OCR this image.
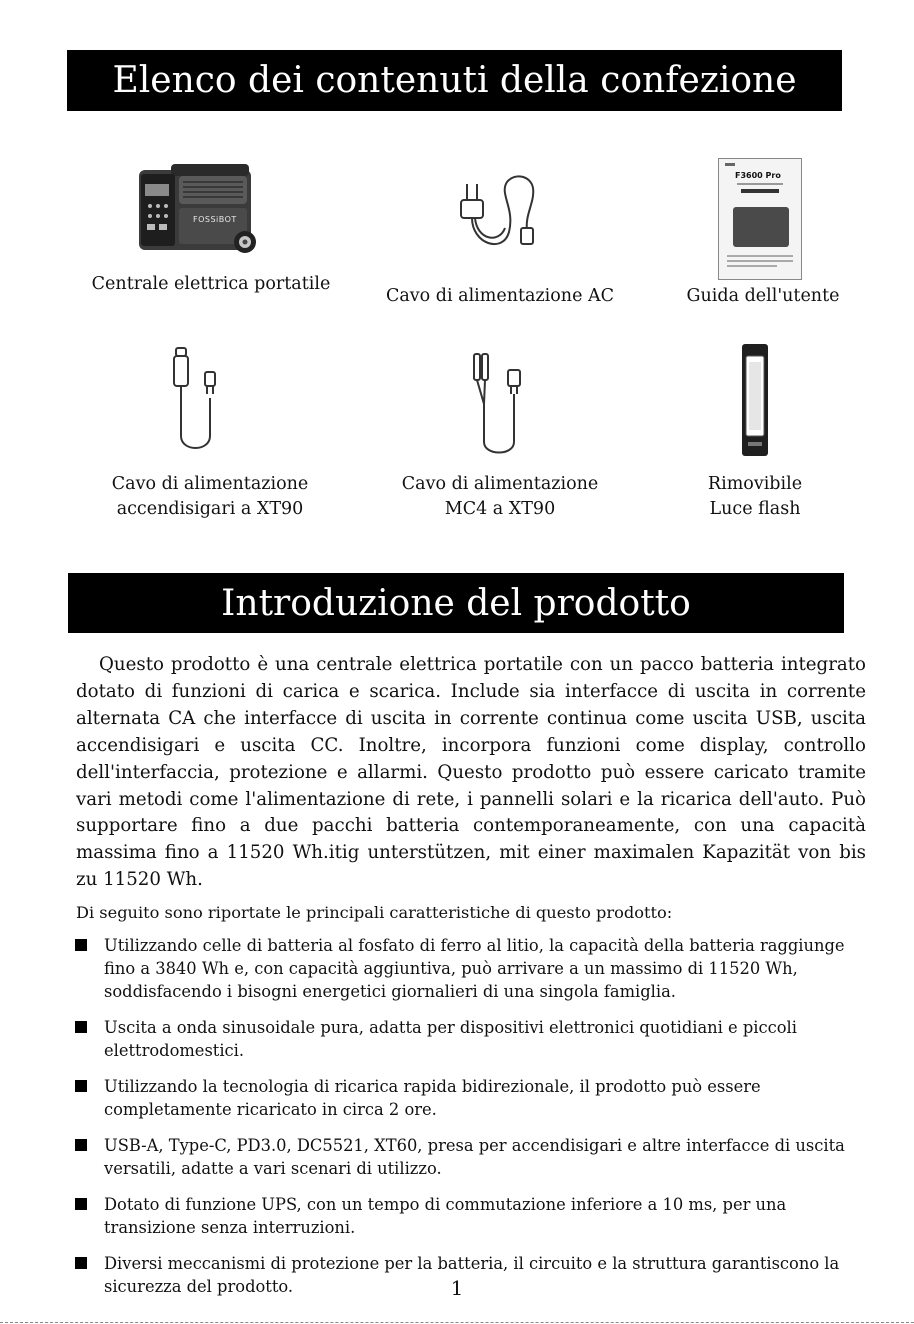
Elenco dei contenuti della confezione
FOSSiBOT
F3600 Pro
Centrale elettrica portatile
Cavo di alimentazione AC	Guida dell'utente
Cavo di alimentazione
accendisigari a XT90
Cavo di alimentazione
MC4 a XT90
Rimovibile
Luce flash
Introduzione del prodotto

Questo prodotto è una centrale elettrica portatile con un pacco batteria integrato dotato di funzioni di carica e scarica. Include sia interfacce di uscita in corrente alternata CA che interfacce di uscita in corrente continua come uscita USB, uscita accendisigari e uscita CC. Inoltre, incorpora funzioni come display, controllo dell'interfaccia, protezione e allarmi. Questo prodotto può essere caricato tramite vari metodi come l'alimentazione di rete, i pannelli solari e la ricarica dell'auto. Può supportare fino a due pacchi batteria contemporaneamente, con una capacità massima fino a 11520 Wh.itig unterstützen, mit einer maximalen Kapazität von bis zu 11520 Wh.

Di seguito sono riportate le principali caratteristiche di questo prodotto:

Utilizzando celle di batteria al fosfato di ferro al litio, la capacità della batteria raggiunge fino a 3840 Wh e, con capacità aggiuntiva, può arrivare a un massimo di 11520 Wh, soddisfacendo i bisogni energetici giornalieri di una singola famiglia.
Uscita a onda sinusoidale pura, adatta per dispositivi elettronici quotidiani e piccoli elettrodomestici.
Utilizzando la tecnologia di ricarica rapida bidirezionale, il prodotto può essere completamente ricaricato in circa 2 ore.
USB-A, Type-C, PD3.0, DC5521, XT60, presa per accendisigari e altre interfacce di uscita versatili, adatte a vari scenari di utilizzo.
Dotato di funzione UPS, con un tempo di commutazione inferiore a 10 ms, per una transizione senza interruzioni.
Diversi meccanismi di protezione per la batteria, il circuito e la struttura garantiscono la sicurezza del prodotto.	1
